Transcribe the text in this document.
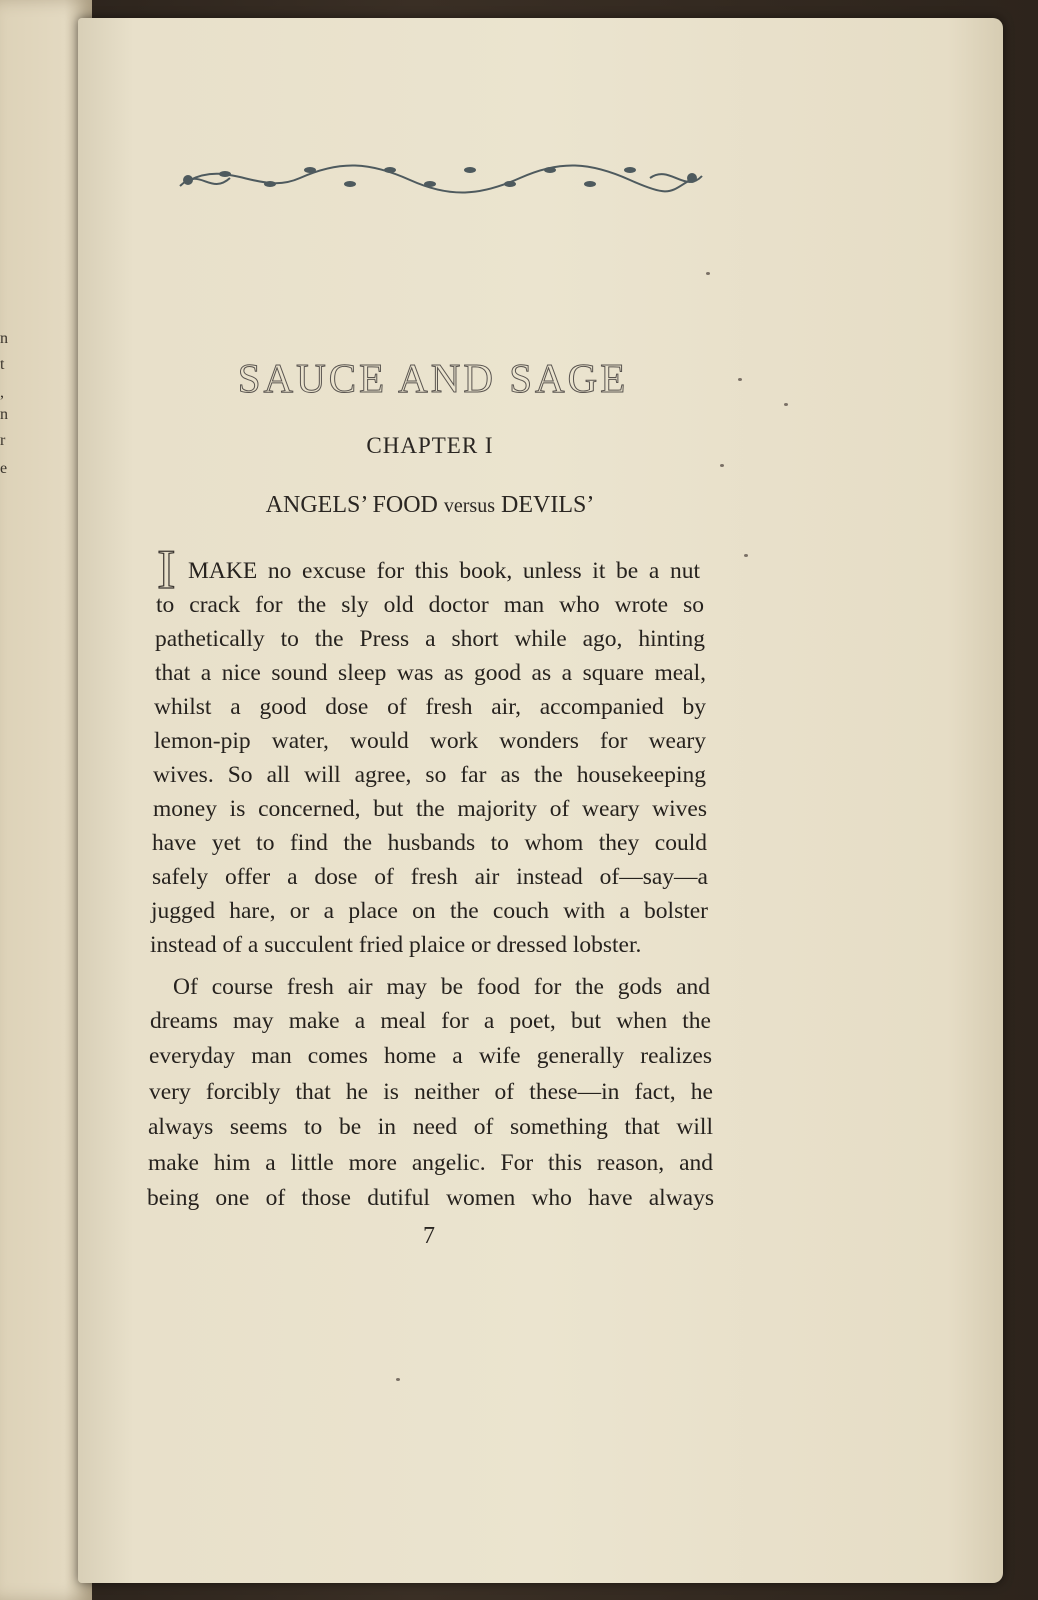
n
t
,
n
r
e
SAUCE AND SAGE
CHAPTER I
ANGELS’ FOOD versus DEVILS’
I MAKE no excuse for this book, unless it be a nut
to crack for the sly old doctor man who wrote so
pathetically to the Press a short while ago, hinting
that a nice sound sleep was as good as a square meal,
whilst a good dose of fresh air, accompanied by
lemon-pip water, would work wonders for weary
wives. So all will agree, so far as the housekeeping
money is concerned, but the majority of weary wives
have yet to find the husbands to whom they could
safely offer a dose of fresh air instead of—say—a
jugged hare, or a place on the couch with a bolster
instead of a succulent fried plaice or dressed lobster.
Of course fresh air may be food for the gods and
dreams may make a meal for a poet, but when the
everyday man comes home a wife generally realizes
very forcibly that he is neither of these—in fact, he
always seems to be in need of something that will
make him a little more angelic. For this reason, and
being one of those dutiful women who have always
7
